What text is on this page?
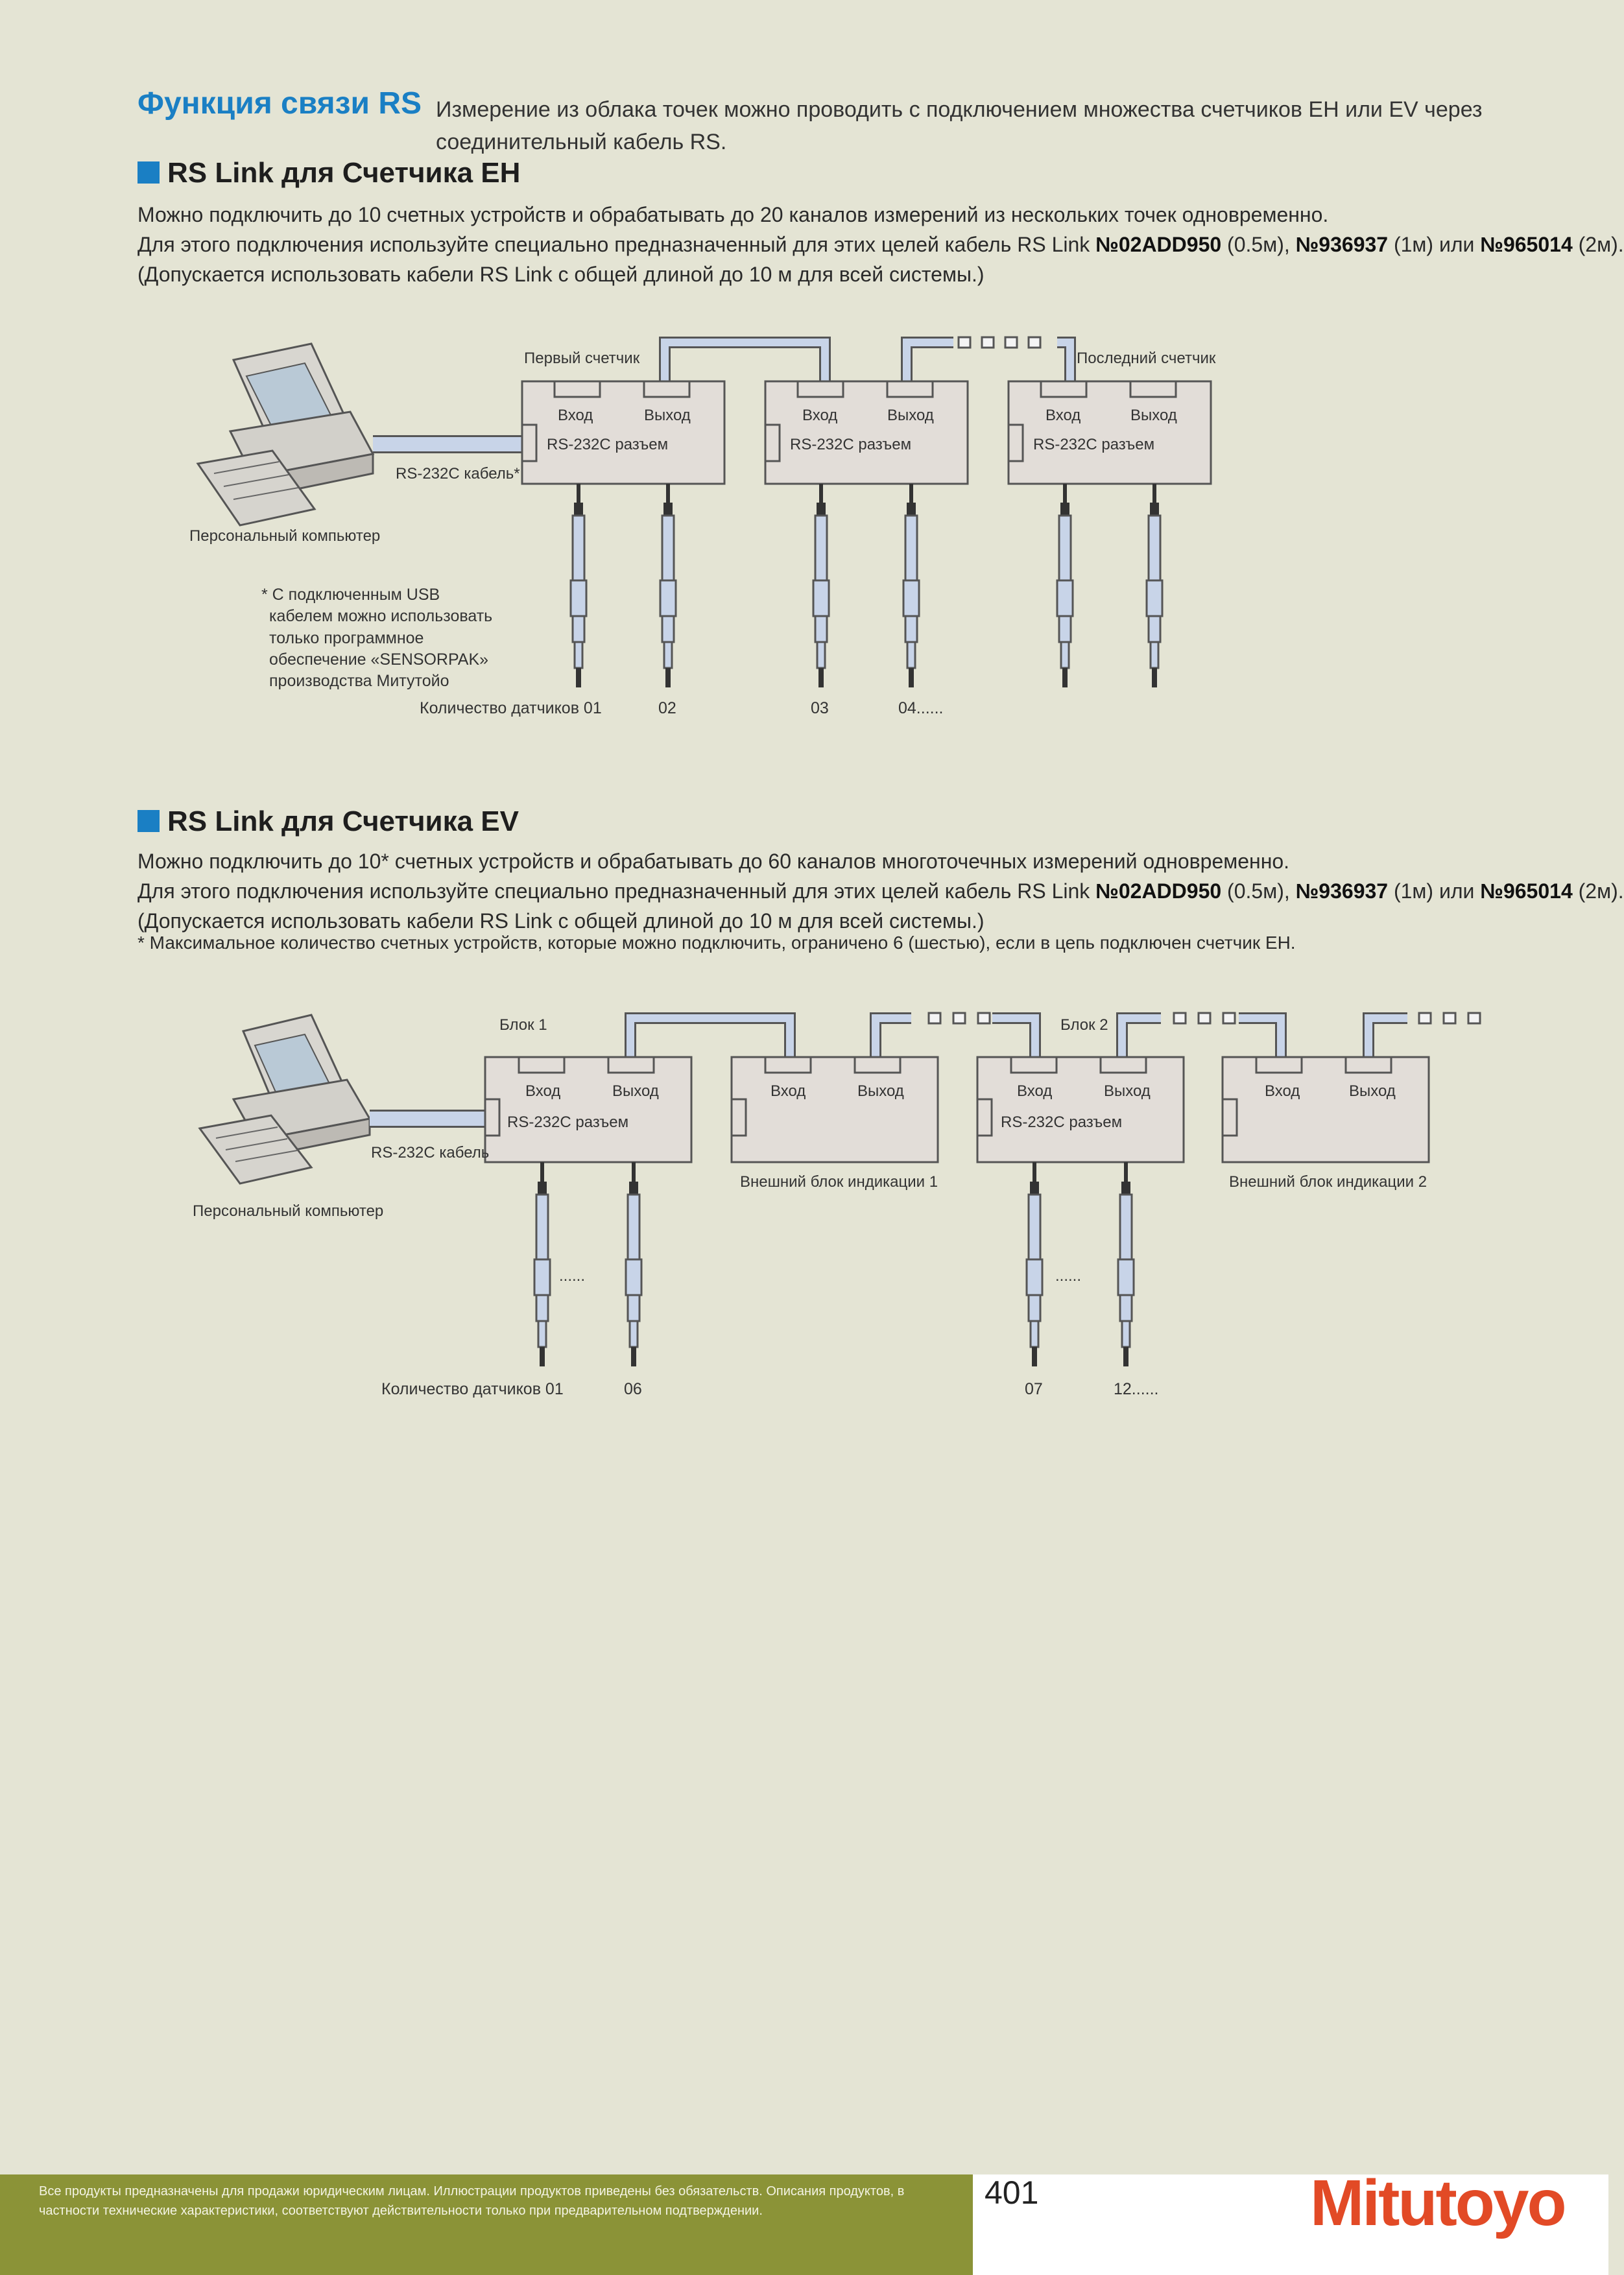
Функция связи RS Измерение из облака точек можно проводить с подключением множества счетчиков EH или EV через соединительный кабель RS.
RS Link для Счетчика EH
Можно подключить до 10 счетных устройств и обрабатывать до 20 каналов измерений из нескольких точек одновременно.
Для этого подключения используйте специально предназначенный для этих целей кабель RS Link №02ADD950 (0.5м), №936937 (1м) или №965014 (2м).
(Допускается использовать кабели RS Link с общей длиной до 10 м для всей системы.)
Первый счетчик	Последний счетчик
Вход	Выход
RS-232C разъем
Вход	Выход
RS-232C разъем
Вход	Выход
RS-232C разъем
RS-232C кабель*
Персональный компьютер
* С подключенным USB
кабелем можно использовать
только программное
обеспечение «SENSORPAK»
производства Митутойо
Количество датчиков 01	02	03	04......
RS Link для Счетчика EV
Можно подключить до 10* счетных устройств и обрабатывать до 60 каналов многоточечных измерений одновременно.
Для этого подключения используйте специально предназначенный для этих целей кабель RS Link №02ADD950 (0.5м), №936937 (1м) или №965014 (2м).
(Допускается использовать кабели RS Link с общей длиной до 10 м для всей системы.)
* Максимальное количество счетных устройств, которые можно подключить, ограничено 6 (шестью), если в цепь подключен счетчик EH.
Блок 1	Блок 2
Вход	Выход
RS-232C разъем
Вход	Выход	Вход	Выход
RS-232C разъем
Вход	Выход
RS-232C кабель
Персональный компьютер
Внешний блок индикации 1	Внешний блок индикации 2
......	......
Количество датчиков 01	06	07	12......
Все продукты предназначены для продажи юридическим лицам. Иллюстрации продуктов приведены без обязательств. Описания продуктов, в частности технические характеристики, соответствуют действительности только при предварительном подтверждении.	401	Mitutoyo
